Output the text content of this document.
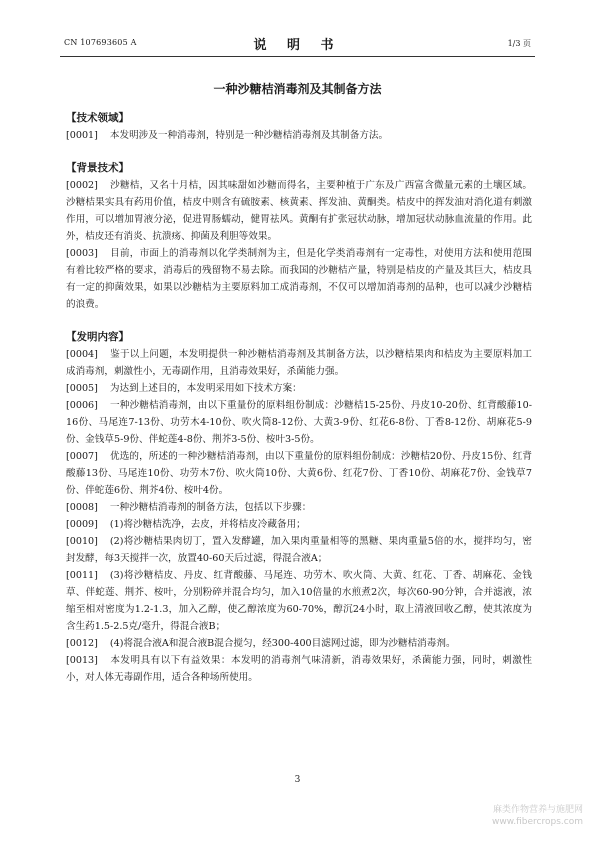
CN 107693605 A	说 明 书	1/3 页
一种沙糖桔消毒剂及其制备方法
【技术领域】
[0001] 本发明涉及一种消毒剂，特别是一种沙糖桔消毒剂及其制备方法。
【背景技术】
[0002] 沙糖桔，又名十月桔，因其味甜如沙糖而得名，主要种植于广东及广西富含微量元素的土壤区域。沙糖桔果实具有药用价值，桔皮中则含有硫胺素、核黄素、挥发油、黄酮类。桔皮中的挥发油对消化道有刺激作用，可以增加胃液分泌，促进胃肠蠕动，健胃祛风。黄酮有扩张冠状动脉，增加冠状动脉血流量的作用。此外，桔皮还有消炎、抗溃疡、抑菌及利胆等效果。
[0003] 目前，市面上的消毒剂以化学类制剂为主，但是化学类消毒剂有一定毒性，对使用方法和使用范围有着比较严格的要求，消毒后的残留物不易去除。而我国的沙糖桔产量，特别是桔皮的产量及其巨大，桔皮具有一定的抑菌效果，如果以沙糖桔为主要原料加工成消毒剂，不仅可以增加消毒剂的品种，也可以减少沙糖桔的浪费。
【发明内容】
[0004] 鉴于以上问题，本发明提供一种沙糖桔消毒剂及其制备方法，以沙糖桔果肉和桔皮为主要原料加工成消毒剂，刺激性小，无毒副作用，且消毒效果好，杀菌能力强。
[0005] 为达到上述目的，本发明采用如下技术方案：
[0006] 一种沙糖桔消毒剂，由以下重量份的原料组份制成：沙糖桔15-25份、丹皮10-20份、红背酸藤10-16份、马尾连7-13份、功劳木4-10份、吹火筒8-12份、大黄3-9份、红花6-8份、丁香8-12份、胡麻花5-9份、金钱草5-9份、伴蛇莲4-8份、荆芥3-5份、桉叶3-5份。
[0007] 优选的，所述的一种沙糖桔消毒剂，由以下重量份的原料组份制成：沙糖桔20份、丹皮15份、红背酸藤13份、马尾连10份、功劳木7份、吹火筒10份、大黄6份、红花7份、丁香10份、胡麻花7份、金钱草7份、伴蛇莲6份、荆芥4份、桉叶4份。
[0008] 一种沙糖桔消毒剂的制备方法，包括以下步骤：
[0009] (1)将沙糖桔洗净，去皮，并将桔皮冷藏备用；
[0010] (2)将沙糖桔果肉切丁，置入发酵罐，加入果肉重量相等的黑糖、果肉重量5倍的水，搅拌均匀，密封发酵，每3天搅拌一次，放置40-60天后过滤，得混合液A；
[0011] (3)将沙糖桔皮、丹皮、红背酸藤、马尾连、功劳木、吹火筒、大黄、红花、丁香、胡麻花、金钱草、伴蛇莲、荆芥、桉叶，分别粉碎并混合均匀，加入10倍量的水煎煮2次，每次60-90分钟，合并滤液，浓缩至相对密度为1.2-1.3，加入乙醇，使乙醇浓度为60-70%，醇沉24小时，取上清液回收乙醇，使其浓度为含生药1.5-2.5克/毫升，得混合液B；
[0012] (4)将混合液A和混合液B混合搅匀，经300-400目滤网过滤，即为沙糖桔消毒剂。
[0013] 本发明具有以下有益效果：本发明的消毒剂气味清新，消毒效果好，杀菌能力强，同时，刺激性小，对人体无毒副作用，适合各种场所使用。
3
麻类作物营养与施肥网
www.fibercrops.com
